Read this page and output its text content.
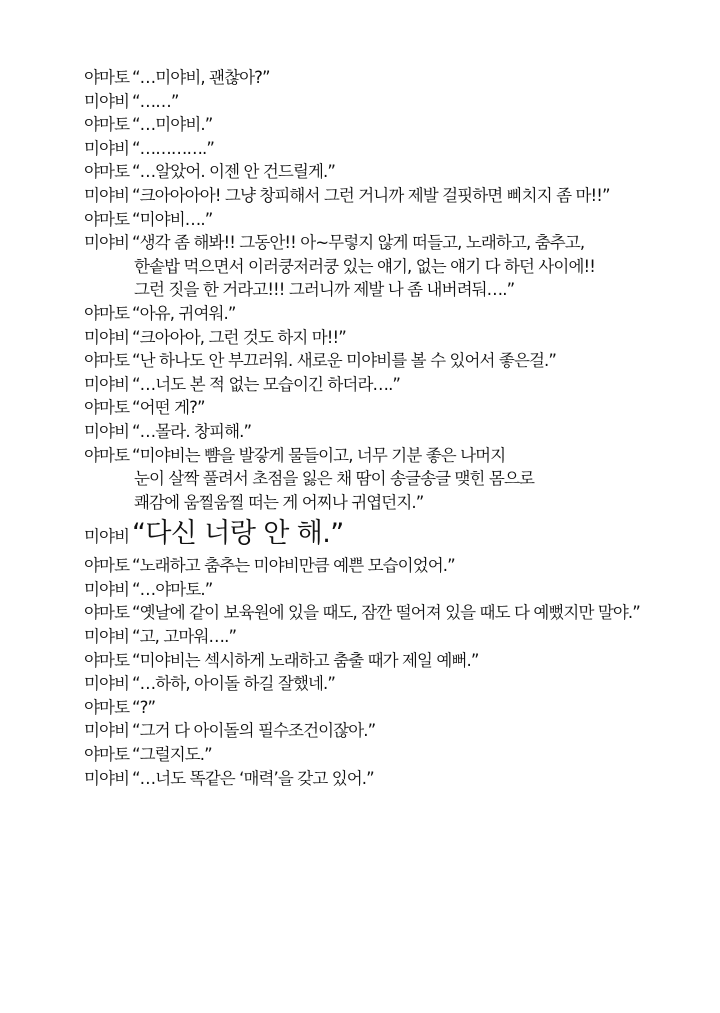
야마토 “…미야비, 괜찮아?”
미야비 “……”
야마토 “…미야비.”
미야비 “………….”
야마토 “…알았어. 이젠 안 건드릴게.”
미야비 “크아아아아! 그냥 창피해서 그런 거니까 제발 걸핏하면 삐치지 좀 마!!”
야마토 “미야비….”
미야비 “생각 좀 해봐!! 그동안!! 아~무렇지 않게 떠들고, 노래하고, 춤추고,
한솥밥 먹으면서 이러쿵저러쿵 있는 얘기, 없는 얘기 다 하던 사이에!!
그런 짓을 한 거라고!!! 그러니까 제발 나 좀 내버려둬….”
야마토 “아유, 귀여워.”
미야비 “크아아아, 그런 것도 하지 마!!”
야마토 “난 하나도 안 부끄러워. 새로운 미야비를 볼 수 있어서 좋은걸.”
미야비 “…너도 본 적 없는 모습이긴 하더라….”
야마토 “어떤 게?”
미야비 “…몰라. 창피해.”
야마토 “미야비는 뺨을 발갛게 물들이고, 너무 기분 좋은 나머지
눈이 살짝 풀려서 초점을 잃은 채 땀이 송글송글 맺힌 몸으로
쾌감에 움찔움찔 떠는 게 어찌나 귀엽던지.”
미야비 “다신 너랑 안 해.”
야마토 “노래하고 춤추는 미야비만큼 예쁜 모습이었어.”
미야비 “…야마토.”
야마토 “옛날에 같이 보육원에 있을 때도, 잠깐 떨어져 있을 때도 다 예뻤지만 말야.”
미야비 “고, 고마워….”
야마토 “미야비는 섹시하게 노래하고 춤출 때가 제일 예뻐.”
미야비 “…하하, 아이돌 하길 잘했네.”
야마토 “?”
미야비 “그거 다 아이돌의 필수조건이잖아.”
야마토 “그럴지도.”
미야비 “…너도 똑같은 ‘매력’을 갖고 있어.”
